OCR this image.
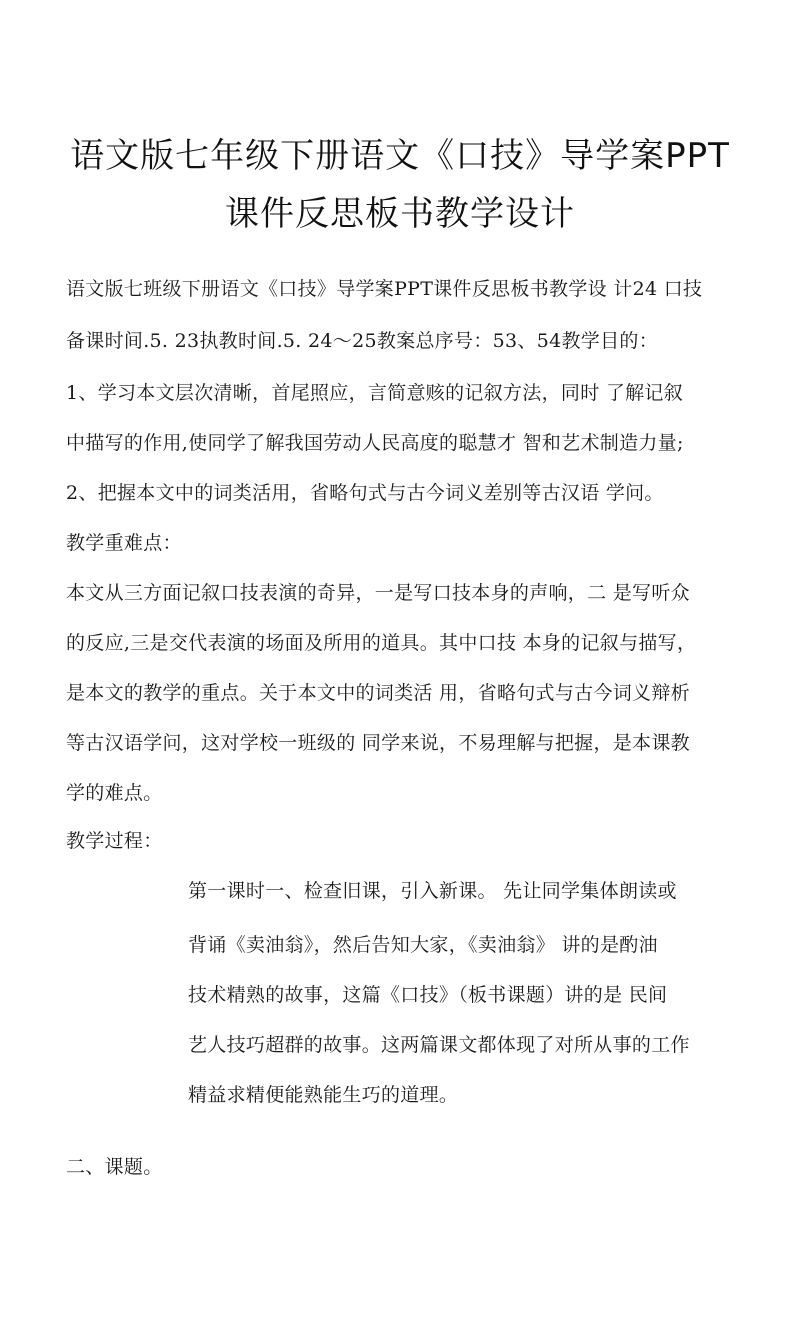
语文版七年级下册语文《口技》导学案PPT
课件反思板书教学设计
语文版七班级下册语文《口技》导学案PPT课件反思板书教学设 计24 口技
备课时间.5. 23执教时间.5. 24〜25教案总序号：53、54教学目的：
1、学习本文层次清晰，首尾照应，言简意赅的记叙方法，同时 了解记叙
中描写的作用,使同学了解我国劳动人民高度的聪慧才 智和艺术制造力量;
2、把握本文中的词类活用，省略句式与古今词义差别等古汉语 学问。
教学重难点：
本文从三方面记叙口技表演的奇异，一是写口技本身的声响，二 是写听众
的反应,三是交代表演的场面及所用的道具。其中口技 本身的记叙与描写，
是本文的教学的重点。关于本文中的词类活 用，省略句式与古今词义辩析
等古汉语学问，这对学校一班级的 同学来说，不易理解与把握，是本课教
学的难点。
教学过程：
第一课时一、检查旧课，引入新课。 先让同学集体朗读或
背诵《卖油翁》，然后告知大家，《卖油翁》 讲的是酌油
技术精熟的故事，这篇《口技》（板书课题）讲的是 民间
艺人技巧超群的故事。这两篇课文都体现了对所从事的工作
精益求精便能熟能生巧的道理。
二、课题。
